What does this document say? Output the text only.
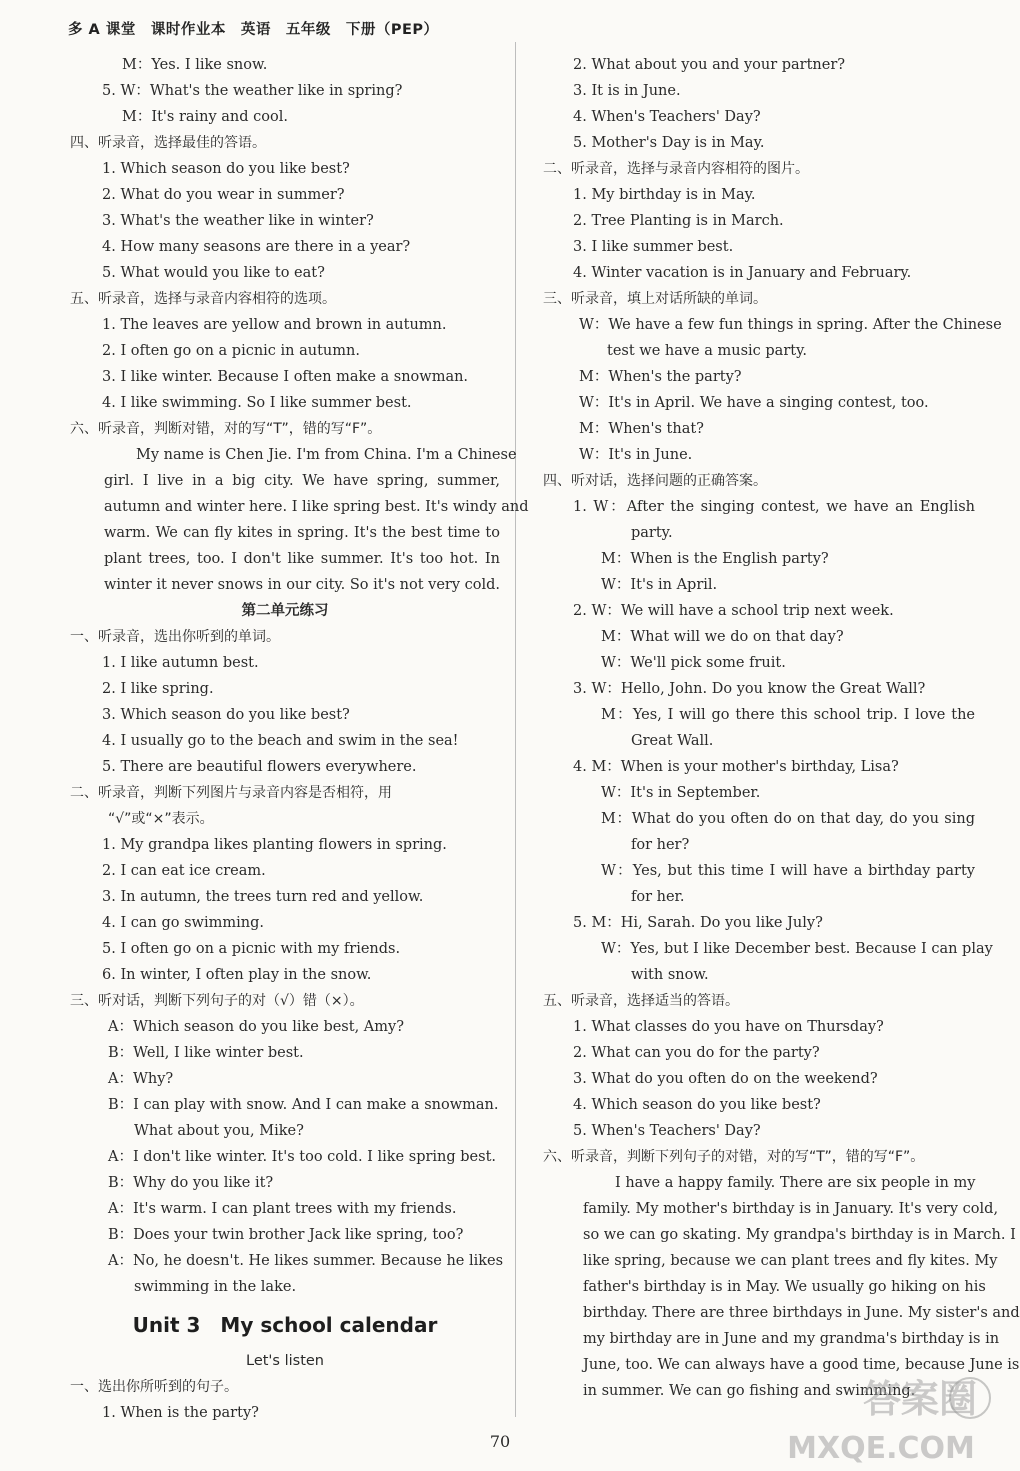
多 A 课堂　课时作业本　英语　五年级　下册（PEP）
M：Yes. I like snow.
5. W：What's the weather like in spring?
M：It's rainy and cool.
四、听录音，选择最佳的答语。
1. Which season do you like best?
2. What do you wear in summer?
3. What's the weather like in winter?
4. How many seasons are there in a year?
5. What would you like to eat?
五、听录音，选择与录音内容相符的选项。
1. The leaves are yellow and brown in autumn.
2. I often go on a picnic in autumn.
3. I like winter. Because I often make a snowman.
4. I like swimming. So I like summer best.
六、听录音，判断对错，对的写“T”，错的写“F”。
My name is Chen Jie. I'm from China. I'm a Chinese
girl. I live in a big city. We have spring, summer,
autumn and winter here. I like spring best. It's windy and
warm. We can fly kites in spring. It's the best time to
plant trees, too. I don't like summer. It's too hot. In
winter it never snows in our city. So it's not very cold.
第二单元练习
一、听录音，选出你听到的单词。
1. I like autumn best.
2. I like spring.
3. Which season do you like best?
4. I usually go to the beach and swim in the sea!
5. There are beautiful flowers everywhere.
二、听录音，判断下列图片与录音内容是否相符，用
“√”或“×”表示。
1. My grandpa likes planting flowers in spring.
2. I can eat ice cream.
3. In autumn, the trees turn red and yellow.
4. I can go swimming.
5. I often go on a picnic with my friends.
6. In winter, I often play in the snow.
三、听对话，判断下列句子的对（√）错（×）。
A：Which season do you like best, Amy?
B：Well, I like winter best.
A：Why?
B：I can play with snow. And I can make a snowman.
What about you, Mike?
A：I don't like winter. It's too cold. I like spring best.
B：Why do you like it?
A：It's warm. I can plant trees with my friends.
B：Does your twin brother Jack like spring, too?
A：No, he doesn't. He likes summer. Because he likes
swimming in the lake.
Unit 3　My school calendar
Let's listen
一、选出你所听到的句子。
1. When is the party?
2. What about you and your partner?
3. It is in June.
4. When's Teachers' Day?
5. Mother's Day is in May.
二、听录音，选择与录音内容相符的图片。
1. My birthday is in May.
2. Tree Planting is in March.
3. I like summer best.
4. Winter vacation is in January and February.
三、听录音，填上对话所缺的单词。
W：We have a few fun things in spring. After the Chinese
test we have a music party.
M：When's the party?
W：It's in April. We have a singing contest, too.
M：When's that?
W：It's in June.
四、听对话，选择问题的正确答案。
1. W：After the singing contest, we have an English
party.
M：When is the English party?
W：It's in April.
2. W：We will have a school trip next week.
M：What will we do on that day?
W：We'll pick some fruit.
3. W：Hello, John. Do you know the Great Wall?
M：Yes, I will go there this school trip. I love the
Great Wall.
4. M：When is your mother's birthday, Lisa?
W：It's in September.
M：What do you often do on that day, do you sing
for her?
W：Yes, but this time I will have a birthday party
for her.
5. M：Hi, Sarah. Do you like July?
W：Yes, but I like December best. Because I can play
with snow.
五、听录音，选择适当的答语。
1. What classes do you have on Thursday?
2. What can you do for the party?
3. What do you often do on the weekend?
4. Which season do you like best?
5. When's Teachers' Day?
六、听录音，判断下列句子的对错，对的写“T”，错的写“F”。
I have a happy family. There are six people in my
family. My mother's birthday is in January. It's very cold,
so we can go skating. My grandpa's birthday is in March. I
like spring, because we can plant trees and fly kites. My
father's birthday is in May. We usually go hiking on his
birthday. There are three birthdays in June. My sister's and
my birthday are in June and my grandma's birthday is in
June, too. We can always have a good time, because June is
in summer. We can go fishing and swimming.
70
答案圈
MXQE.COM
